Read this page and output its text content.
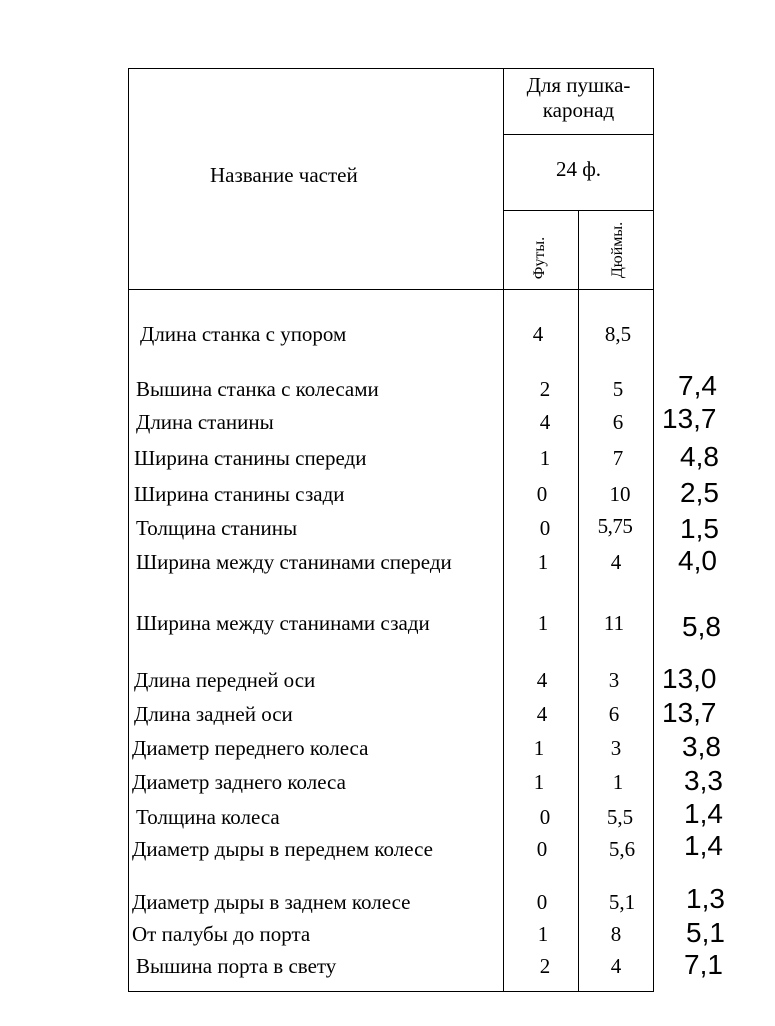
Название частей
Для пушка-
каронад
24 ф.
Футы.	Дюймы.
Длина станка с упором	4	8,5
Вышина станка с колесами	2	5	7,4
Длина станины	4	6	13,7
Ширина станины спереди	1	7	4,8
Ширина станины сзади	0	10	2,5
Толщина станины	0	5,75	1,5
Ширина между станинами спереди	1	4	4,0
Ширина между станинами сзади	1	11	5,8
Длина передней оси	4	3	13,0
Длина задней оси	4	6	13,7
Диаметр переднего колеса	1	3	3,8
Диаметр заднего колеса	1	1	3,3
Толщина колеса	0	5,5	1,4
Диаметр дыры в переднем колесе	0	5,6	1,4
Диаметр дыры в заднем колесе	0	5,1	1,3
От палубы до порта	1	8	5,1
Вышина порта в свету	2	4	7,1
